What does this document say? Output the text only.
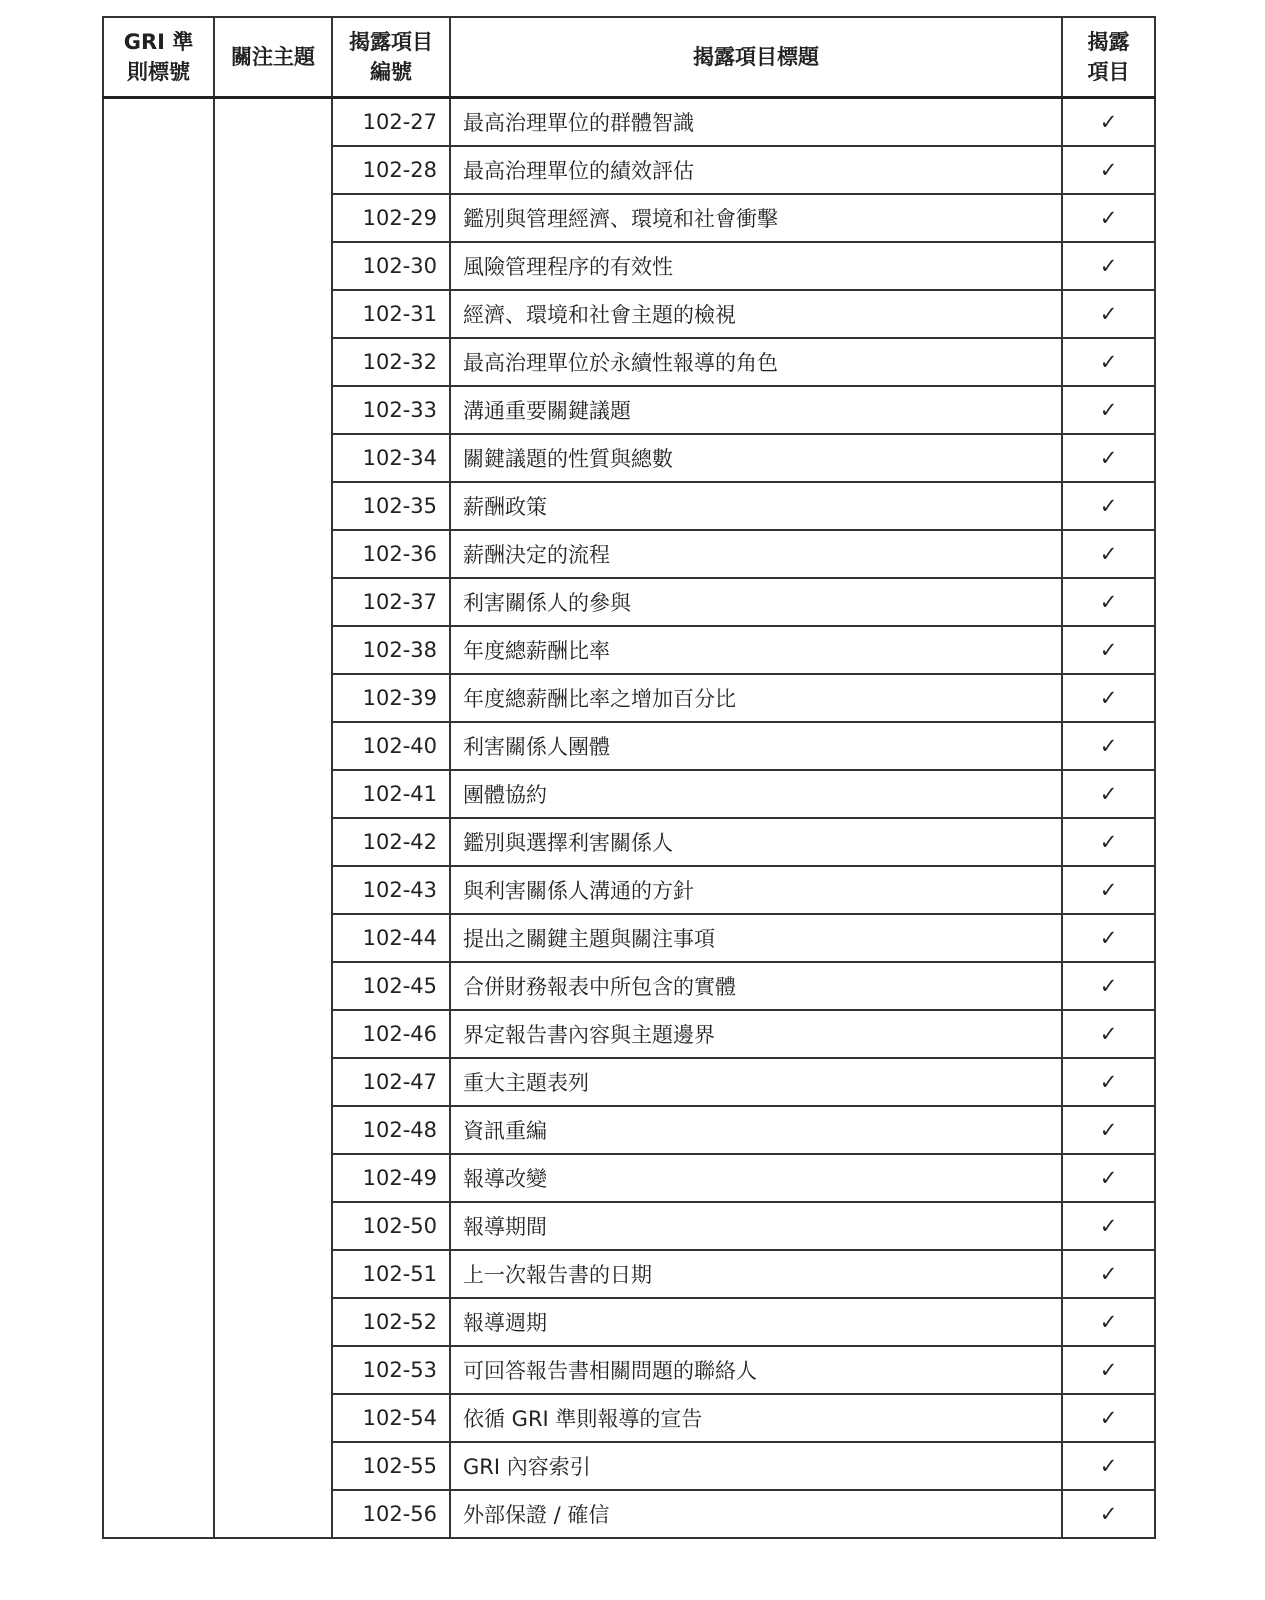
GRI 準則標號	關注主題	揭露項目編號	揭露項目標題	揭露項目
		102-27	最高治理單位的群體智識	✓
		102-28	最高治理單位的績效評估	✓
		102-29	鑑別與管理經濟、環境和社會衝擊	✓
		102-30	風險管理程序的有效性	✓
		102-31	經濟、環境和社會主題的檢視	✓
		102-32	最高治理單位於永續性報導的角色	✓
		102-33	溝通重要關鍵議題	✓
		102-34	關鍵議題的性質與總數	✓
		102-35	薪酬政策	✓
		102-36	薪酬決定的流程	✓
		102-37	利害關係人的參與	✓
		102-38	年度總薪酬比率	✓
		102-39	年度總薪酬比率之增加百分比	✓
		102-40	利害關係人團體	✓
		102-41	團體協約	✓
		102-42	鑑別與選擇利害關係人	✓
		102-43	與利害關係人溝通的方針	✓
		102-44	提出之關鍵主題與關注事項	✓
		102-45	合併財務報表中所包含的實體	✓
		102-46	界定報告書內容與主題邊界	✓
		102-47	重大主題表列	✓
		102-48	資訊重編	✓
		102-49	報導改變	✓
		102-50	報導期間	✓
		102-51	上一次報告書的日期	✓
		102-52	報導週期	✓
		102-53	可回答報告書相關問題的聯絡人	✓
		102-54	依循 GRI 準則報導的宣告	✓
		102-55	GRI 內容索引	✓
		102-56	外部保證 / 確信	✓
